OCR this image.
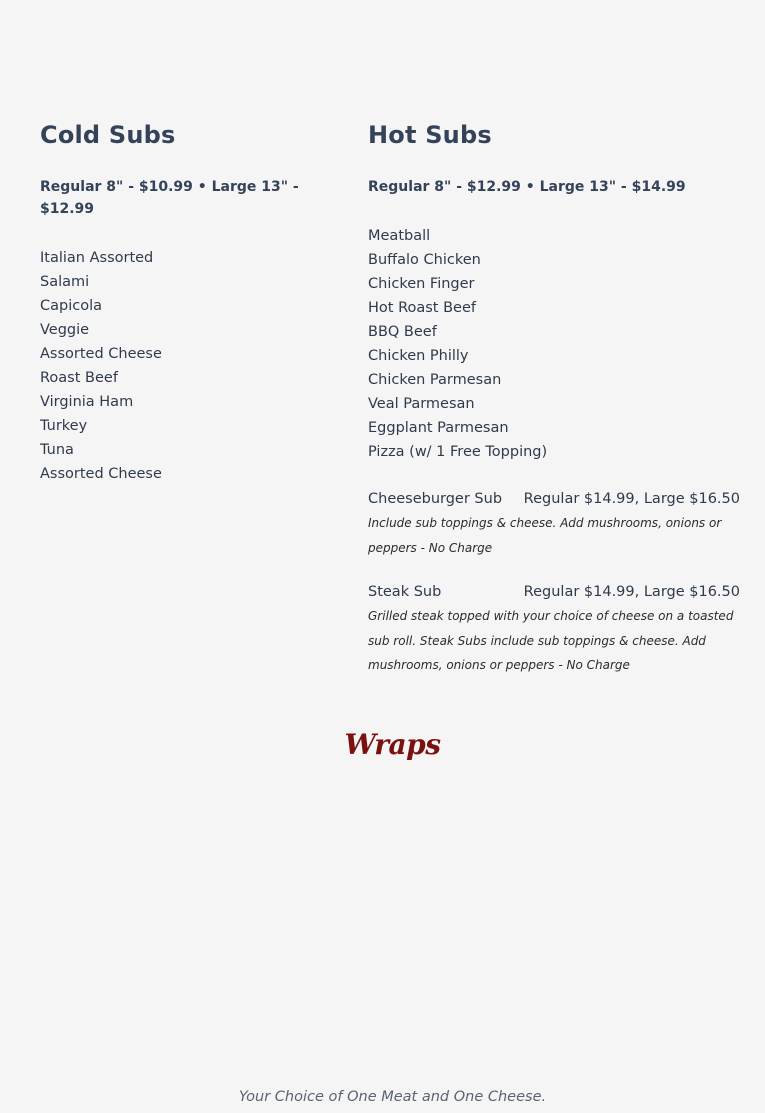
Cold Subs
Regular 8" - $10.99 • Large 13" - $12.99
Italian Assorted
Salami
Capicola
Veggie
Assorted Cheese
Roast Beef
Virginia Ham
Turkey
Tuna
Assorted Cheese
Hot Subs
Regular 8" - $12.99 • Large 13" - $14.99
Meatball
Buffalo Chicken
Chicken Finger
Hot Roast Beef
BBQ Beef
Chicken Philly
Chicken Parmesan
Veal Parmesan
Eggplant Parmesan
Pizza (w/ 1 Free Topping)
Cheeseburger Sub Regular $14.99, Large $16.50
Include sub toppings & cheese. Add mushrooms, onions or peppers - No Charge
Steak Sub	Regular $14.99, Large $16.50
Grilled steak topped with your choice of cheese on a toasted sub roll. Steak Subs include sub toppings & cheese. Add mushrooms, onions or peppers - No Charge
Wraps
Your Choice of One Meat and One Cheese.
